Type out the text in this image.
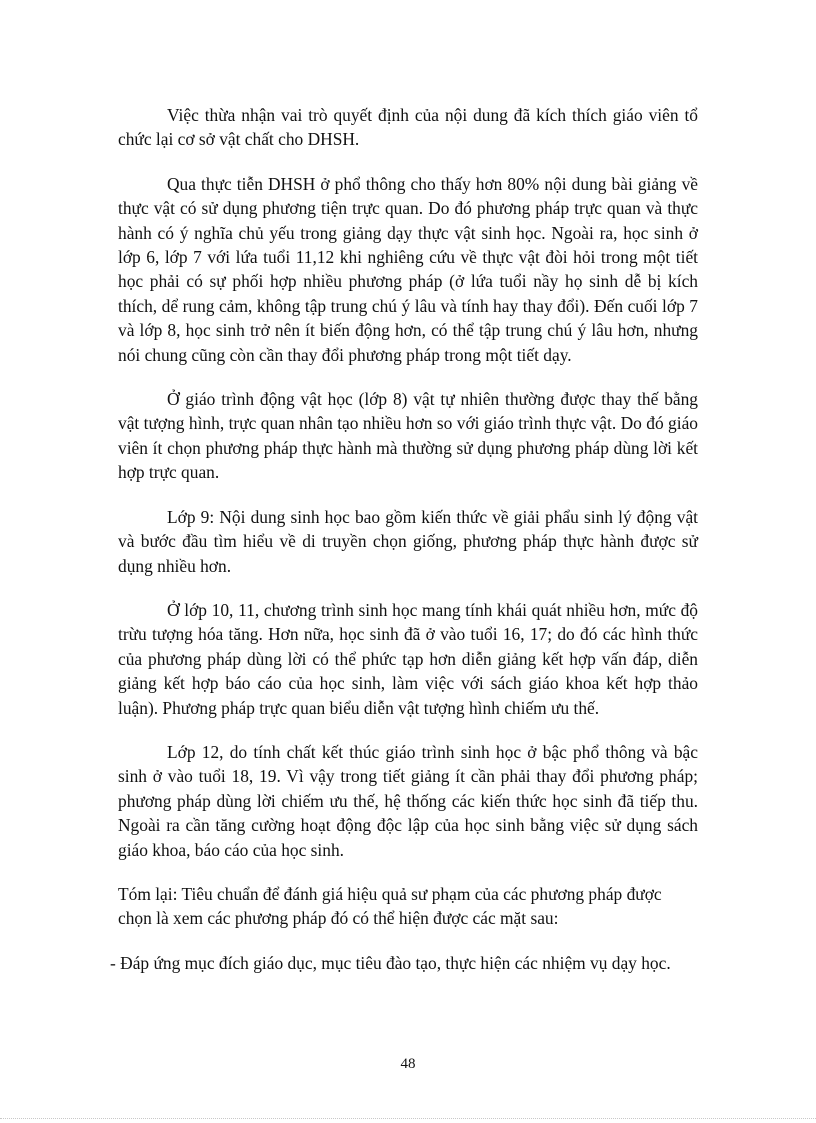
Việc thừa nhận vai trò quyết định của nội dung đã kích thích giáo viên tổ chức lại cơ sở vật chất cho DHSH.

Qua thực tiễn DHSH ở phổ thông cho thấy hơn 80% nội dung bài giảng về thực vật có sử dụng phương tiện trực quan. Do đó phương pháp trực quan và thực hành có ý nghĩa chủ yếu trong giảng dạy thực vật sinh học. Ngoài ra, học sinh ở lớp 6, lớp 7 với lứa tuổi 11,12 khi nghiêng cứu về thực vật đòi hỏi trong một tiết học phải có sự phối hợp nhiều phương pháp (ở lứa tuổi nầy họ sinh dễ bị kích thích, dể rung cảm, không tập trung chú ý lâu và tính hay thay đổi). Đến cuối lớp 7 và lớp 8, học sinh trở nên ít biến động hơn, có thể tập trung chú ý lâu hơn, nhưng nói chung cũng còn cần thay đổi phương pháp trong một tiết dạy.

Ở giáo trình động vật học (lớp 8) vật tự nhiên thường được thay thế bằng vật tượng hình, trực quan nhân tạo nhiều hơn so với giáo trình thực vật. Do đó giáo viên ít chọn phương pháp thực hành mà thường sử dụng phương pháp dùng lời kết hợp trực quan.

Lớp 9: Nội dung sinh học bao gồm kiến thức về giải phẩu sinh lý động vật và bước đầu tìm hiểu về di truyền chọn giống, phương pháp thực hành được sử dụng nhiều hơn.

Ở lớp 10, 11, chương trình sinh học mang tính khái quát nhiều hơn, mức độ trừu tượng hóa tăng. Hơn nữa, học sinh đã ở vào tuổi 16, 17; do đó các hình thức của phương pháp dùng lời có thể phức tạp hơn diễn giảng kết hợp vấn đáp, diễn giảng kết hợp báo cáo của học sinh, làm việc với sách giáo khoa kết hợp thảo luận). Phương pháp trực quan biểu diễn vật tượng hình chiếm ưu thế.

Lớp 12, do tính chất kết thúc giáo trình sinh học ở bậc phổ thông và bậc sinh ở vào tuổi 18, 19. Vì vậy trong tiết giảng ít cần phải thay đổi phương pháp; phương pháp dùng lời chiếm ưu thế, hệ thống các kiến thức học sinh đã tiếp thu. Ngoài ra cần tăng cường hoạt động độc lập của học sinh bằng việc sử dụng sách giáo khoa, báo cáo của học sinh.

Tóm lại: Tiêu chuẩn để đánh giá hiệu quả sư phạm của các phương pháp được chọn là xem các phương pháp đó có thể hiện được các mặt sau:

- Đáp ứng mục đích giáo dục, mục tiêu đào tạo, thực hiện các nhiệm vụ dạy học.

48
